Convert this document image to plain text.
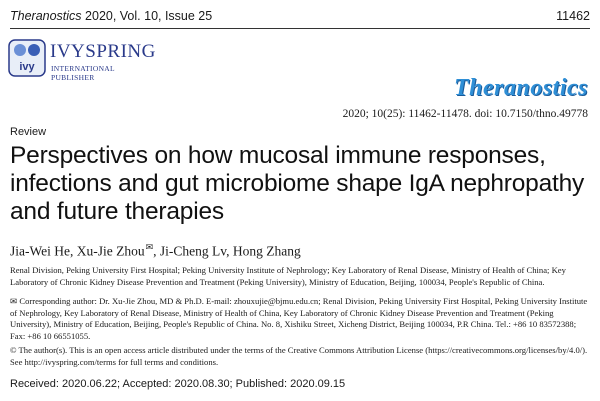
Theranostics 2020, Vol. 10, Issue 25	11462
ivy
IVYSPRING
INTERNATIONAL PUBLISHER	Theranostics
2020; 10(25): 11462-11478. doi: 10.7150/thno.49778
Review
Perspectives on how mucosal immune responses,
infections and gut microbiome shape IgA nephropathy
and future therapies
Jia-Wei He, Xu-Jie Zhou✉, Ji-Cheng Lv, Hong Zhang
Renal Division, Peking University First Hospital; Peking University Institute of Nephrology; Key Laboratory of Renal Disease, Ministry of Health of China; Key Laboratory of Chronic Kidney Disease Prevention and Treatment (Peking University), Ministry of Education, Beijing, 100034, People's Republic of China.
✉ Corresponding author: Dr. Xu-Jie Zhou, MD & Ph.D. E-mail: zhouxujie@bjmu.edu.cn; Renal Division, Peking University First Hospital, Peking University Institute of Nephrology, Key Laboratory of Renal Disease, Ministry of Health of China, Key Laboratory of Chronic Kidney Disease Prevention and Treatment (Peking University), Ministry of Education, Beijing, People's Republic of China. No. 8, Xishiku Street, Xicheng District, Beijing 100034, P.R China. Tel.: +86 10 83572388; Fax: +86 10 66551055.
© The author(s). This is an open access article distributed under the terms of the Creative Commons Attribution License (https://creativecommons.org/licenses/by/4.0/). See http://ivyspring.com/terms for full terms and conditions.
Received: 2020.06.22; Accepted: 2020.08.30; Published: 2020.09.15
